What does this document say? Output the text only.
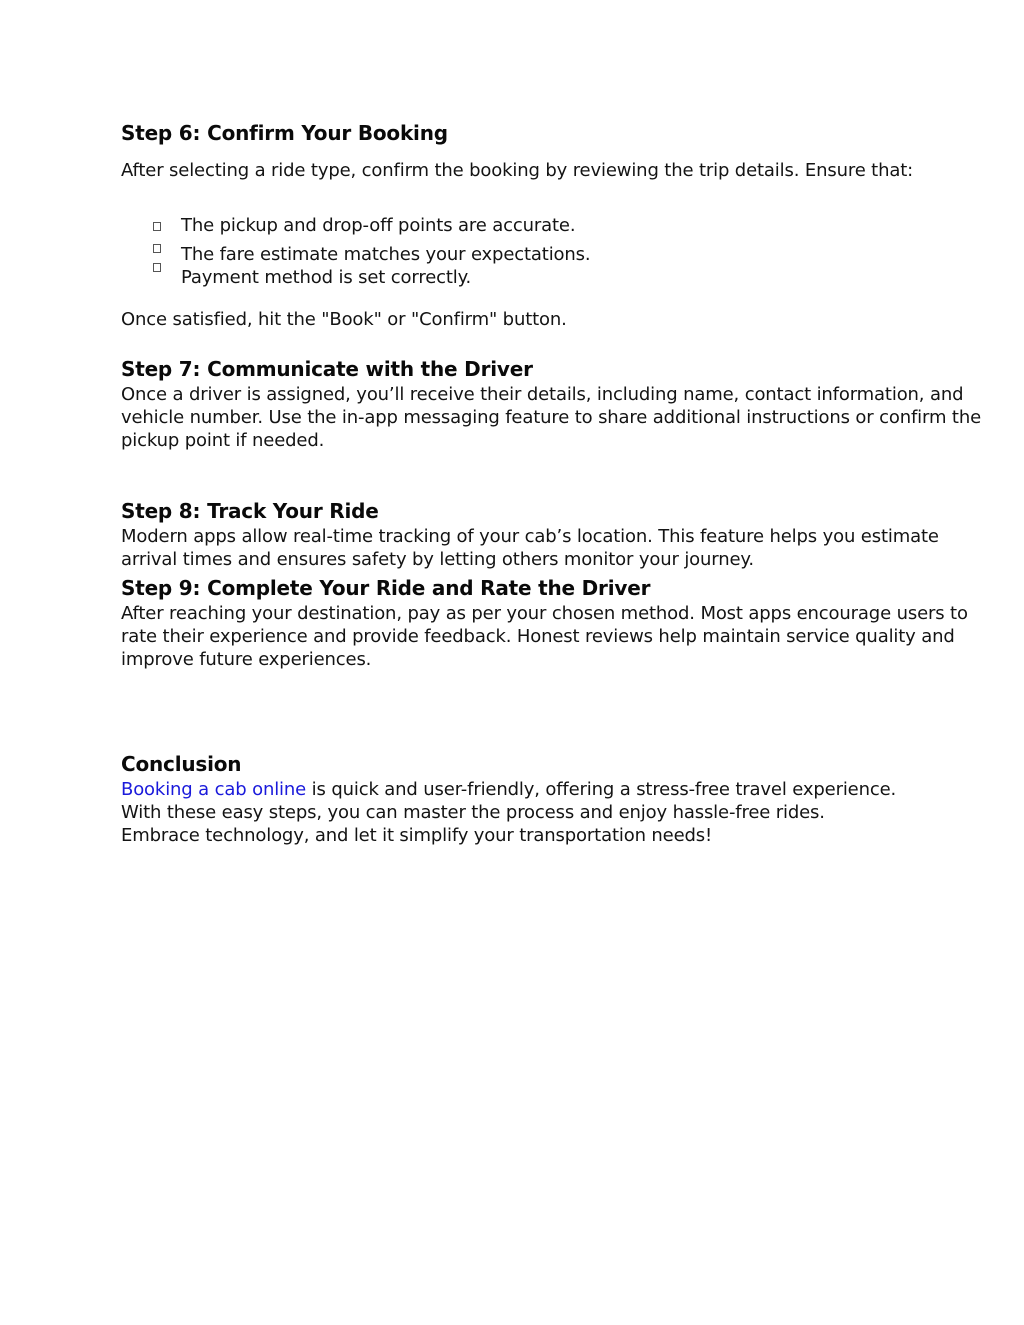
Step 6: Confirm Your Booking

After selecting a ride type, confirm the booking by reviewing the trip details. Ensure that:

The pickup and drop-off points are accurate.
The fare estimate matches your expectations.
Payment method is set correctly.

Once satisfied, hit the "Book" or "Confirm" button.

Step 7: Communicate with the Driver

Once a driver is assigned, you’ll receive their details, including name, contact information, and

vehicle number. Use the in-app messaging feature to share additional instructions or confirm the

pickup point if needed.

Step 8: Track Your Ride

Modern apps allow real-time tracking of your cab’s location. This feature helps you estimate

arrival times and ensures safety by letting others monitor your journey.

Step 9: Complete Your Ride and Rate the Driver

After reaching your destination, pay as per your chosen method. Most apps encourage users to

rate their experience and provide feedback. Honest reviews help maintain service quality and

improve future experiences.

Conclusion

Booking a cab online is quick and user-friendly, offering a stress-free travel experience.

With these easy steps, you can master the process and enjoy hassle-free rides.

Embrace technology, and let it simplify your transportation needs!
